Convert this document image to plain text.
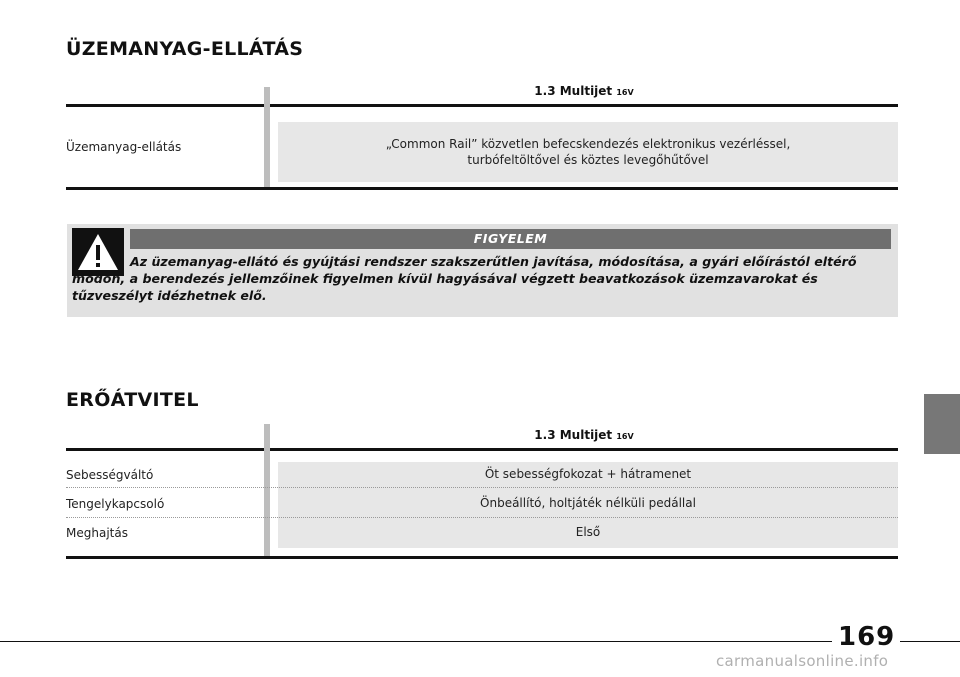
ÜZEMANYAG-ELLÁTÁS
1.3 Multijet 16V
Üzemanyag-ellátás	„Common Rail” közvetlen befecskendezés elektronikus vezérléssel,
turbófeltöltővel és köztes levegőhűtővel
FIGYELEM
Az üzemanyag-ellátó és gyújtási rendszer szakszerűtlen javítása, módosítása, a gyári előírástól eltérő módon, a berendezés jellemzőinek figyelmen kívül hagyásával végzett beavatkozások üzemzavarokat és tűzveszélyt idézhetnek elő.
ERŐÁTVITEL
1.3 Multijet 16V
Sebességváltó	Öt sebességfokozat + hátramenet
Tengelykapcsoló	Önbeállító, holtjáték nélküli pedállal
Meghajtás	Első
169
carmanualsonline.info
